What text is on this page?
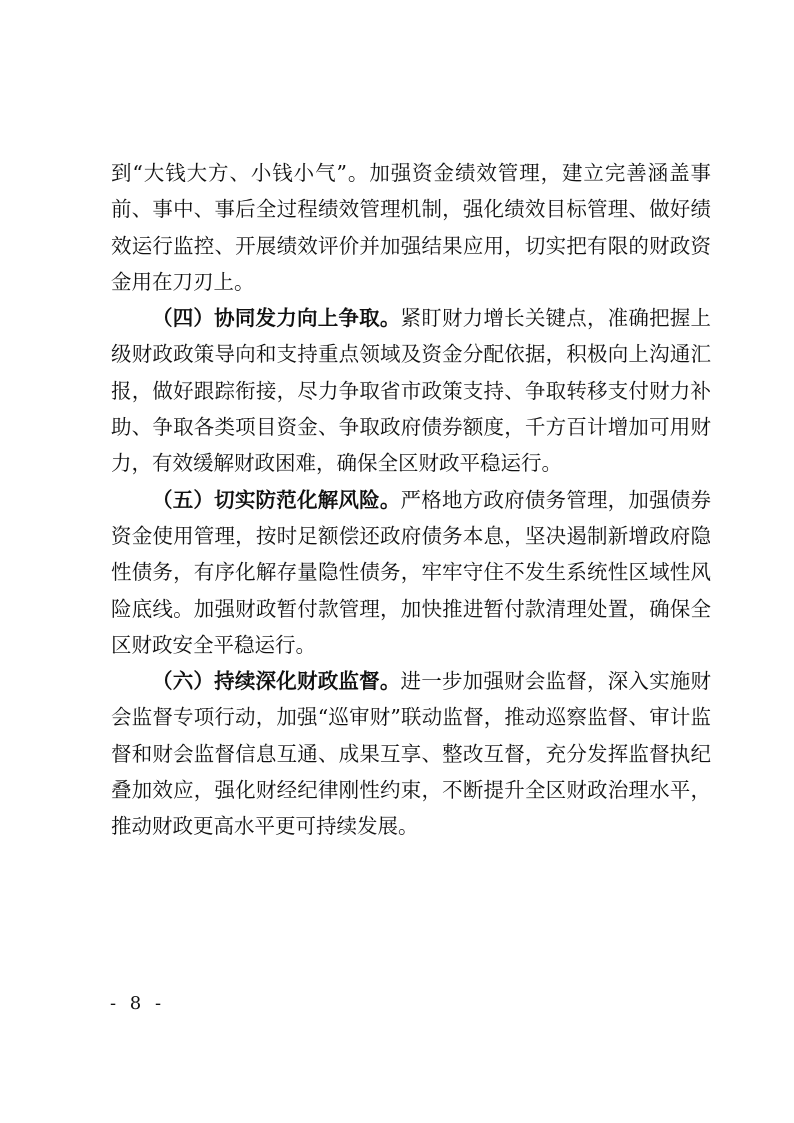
到“大钱大方、小钱小气”。加强资金绩效管理，建立完善涵盖事前、事中、事后全过程绩效管理机制，强化绩效目标管理、做好绩效运行监控、开展绩效评价并加强结果应用，切实把有限的财政资金用在刀刃上。

（四）协同发力向上争取。紧盯财力增长关键点，准确把握上级财政政策导向和支持重点领域及资金分配依据，积极向上沟通汇报，做好跟踪衔接，尽力争取省市政策支持、争取转移支付财力补助、争取各类项目资金、争取政府债券额度，千方百计增加可用财力，有效缓解财政困难，确保全区财政平稳运行。

（五）切实防范化解风险。严格地方政府债务管理，加强债券资金使用管理，按时足额偿还政府债务本息，坚决遏制新增政府隐性债务，有序化解存量隐性债务，牢牢守住不发生系统性区域性风险底线。加强财政暂付款管理，加快推进暂付款清理处置，确保全区财政安全平稳运行。

（六）持续深化财政监督。进一步加强财会监督，深入实施财会监督专项行动，加强“巡审财”联动监督，推动巡察监督、审计监督和财会监督信息互通、成果互享、整改互督，充分发挥监督执纪叠加效应，强化财经纪律刚性约束，不断提升全区财政治理水平，推动财政更高水平更可持续发展。

- 8 -
